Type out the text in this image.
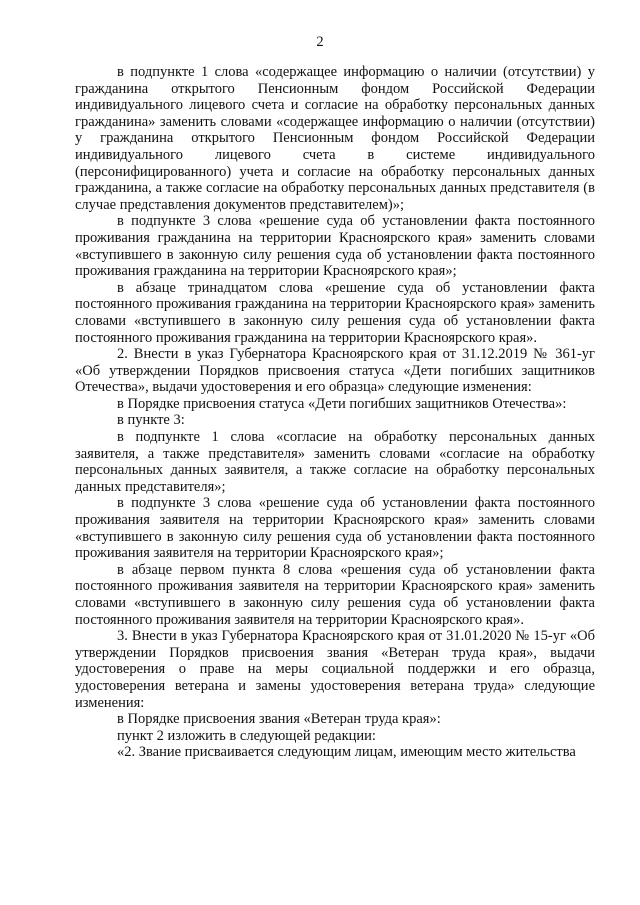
2

в подпункте 1 слова «содержащее информацию о наличии (отсутствии) у гражданина открытого Пенсионным фондом Российской Федерации индивидуального лицевого счета и согласие на обработку персональных данных гражданина» заменить словами «содержащее информацию о наличии (отсутствии) у гражданина открытого Пенсионным фондом Российской Федерации индивидуального лицевого счета в системе индивидуального (персонифицированного) учета и согласие на обработку персональных данных гражданина, а также согласие на обработку персональных данных представителя (в случае представления документов представителем)»;

в подпункте 3 слова «решение суда об установлении факта постоянного проживания гражданина на территории Красноярского края» заменить словами «вступившего в законную силу решения суда об установлении факта постоянного проживания гражданина на территории Красноярского края»;

в абзаце тринадцатом слова «решение суда об установлении факта постоянного проживания гражданина на территории Красноярского края» заменить словами «вступившего в законную силу решения суда об установлении факта постоянного проживания гражданина на территории Красноярского края».

2. Внести в указ Губернатора Красноярского края от 31.12.2019 № 361-уг «Об утверждении Порядков присвоения статуса «Дети погибших защитников Отечества», выдачи удостоверения и его образца» следующие изменения:

в Порядке присвоения статуса «Дети погибших защитников Отечества»:

в пункте 3:

в подпункте 1 слова «согласие на обработку персональных данных заявителя, а также представителя» заменить словами «согласие на обработку персональных данных заявителя, а также согласие на обработку персональных данных представителя»;

в подпункте 3 слова «решение суда об установлении факта постоянного проживания заявителя на территории Красноярского края» заменить словами «вступившего в законную силу решения суда об установлении факта постоянного проживания заявителя на территории Красноярского края»;

в абзаце первом пункта 8 слова «решения суда об установлении факта постоянного проживания заявителя на территории Красноярского края» заменить словами «вступившего в законную силу решения суда об установлении факта постоянного проживания заявителя на территории Красноярского края».

3. Внести в указ Губернатора Красноярского края от 31.01.2020 № 15-уг «Об утверждении Порядков присвоения звания «Ветеран труда края», выдачи удостоверения о праве на меры социальной поддержки и его образца, удостоверения ветерана и замены удостоверения ветерана труда» следующие изменения:

в Порядке присвоения звания «Ветеран труда края»:

пункт 2 изложить в следующей редакции:

«2. Звание присваивается следующим лицам, имеющим место жительства
